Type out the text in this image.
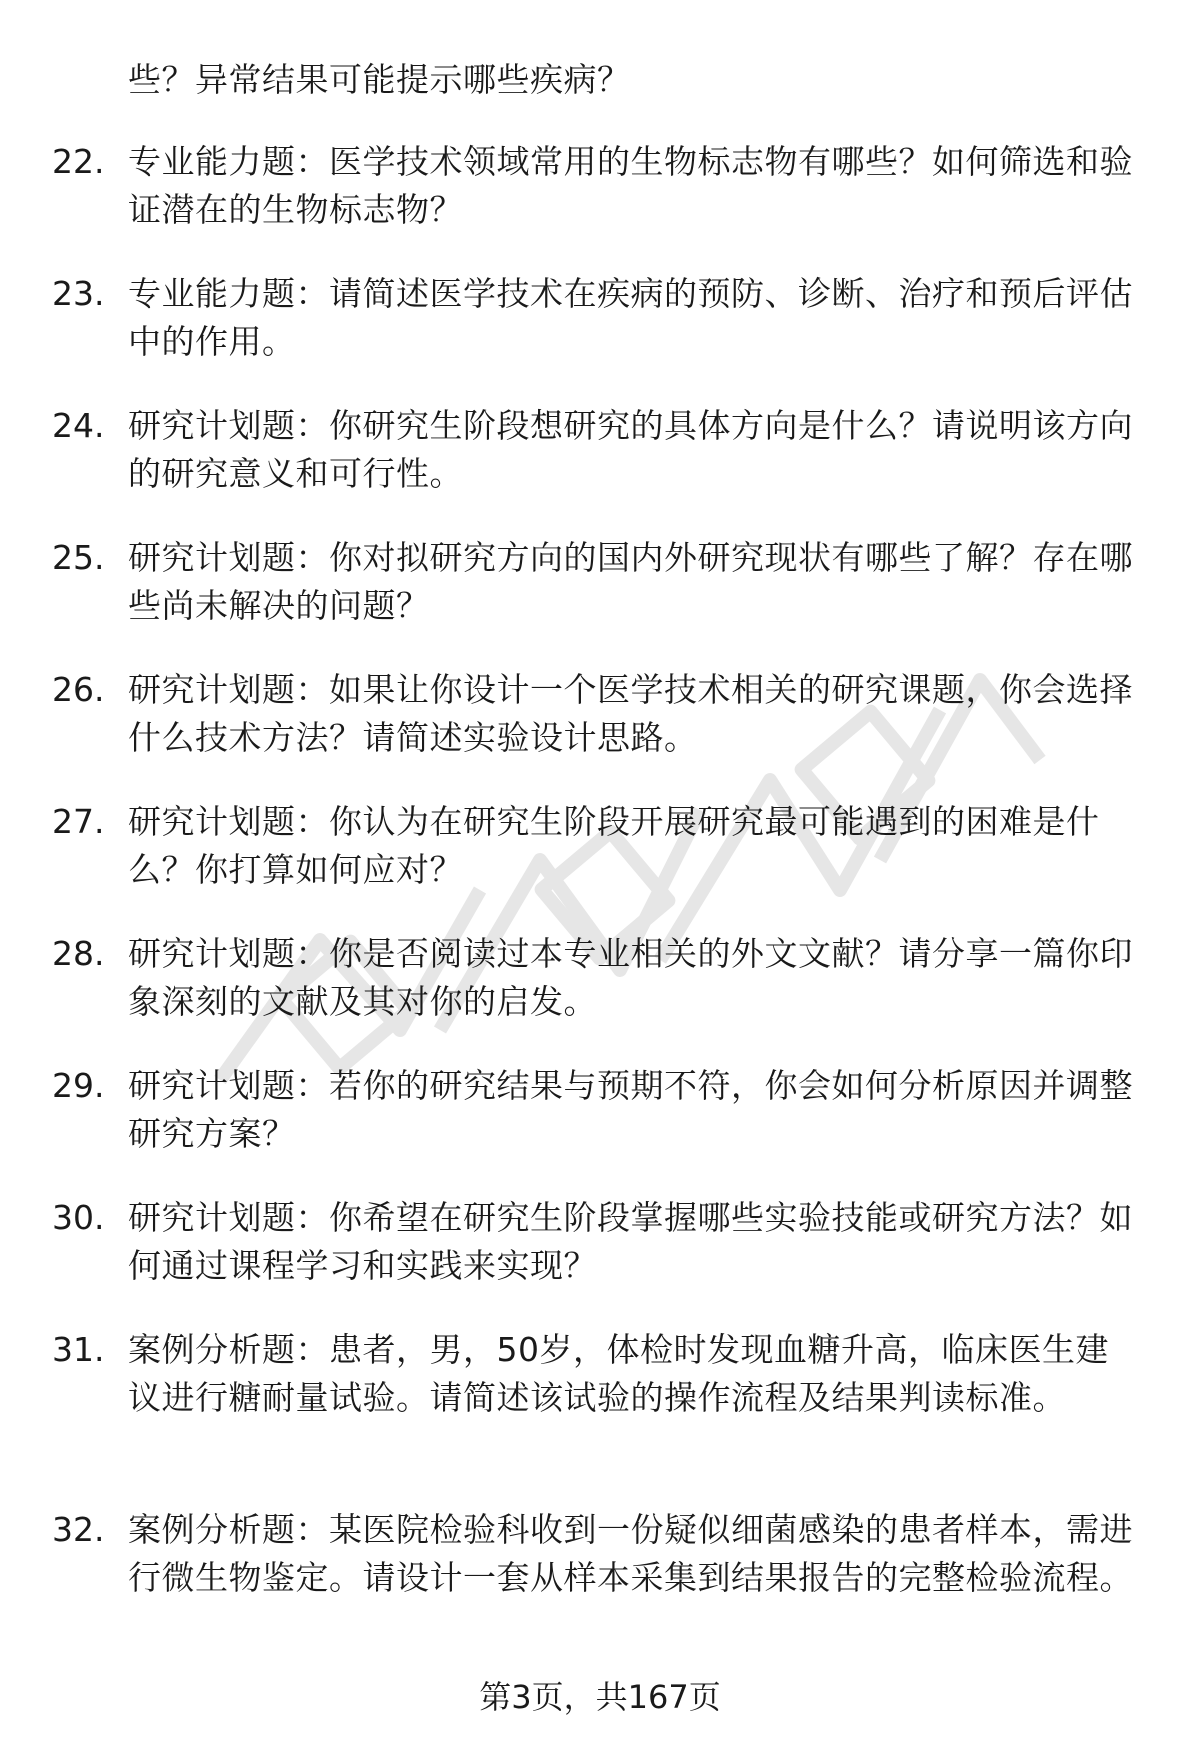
些？异常结果可能提示哪些疾病？
22. 专业能力题：医学技术领域常用的生物标志物有哪些？如何筛选和验证潜在的生物标志物？
23. 专业能力题：请简述医学技术在疾病的预防、诊断、治疗和预后评估中的作用。
24. 研究计划题：你研究生阶段想研究的具体方向是什么？请说明该方向的研究意义和可行性。
25. 研究计划题：你对拟研究方向的国内外研究现状有哪些了解？存在哪些尚未解决的问题？
26. 研究计划题：如果让你设计一个医学技术相关的研究课题，你会选择什么技术方法？请简述实验设计思路。
27. 研究计划题：你认为在研究生阶段开展研究最可能遇到的困难是什么？你打算如何应对？
28. 研究计划题：你是否阅读过本专业相关的外文文献？请分享一篇你印象深刻的文献及其对你的启发。
29. 研究计划题：若你的研究结果与预期不符，你会如何分析原因并调整研究方案？
30. 研究计划题：你希望在研究生阶段掌握哪些实验技能或研究方法？如何通过课程学习和实践来实现？
31. 案例分析题：患者，男，50岁，体检时发现血糖升高，临床医生建议进行糖耐量试验。请简述该试验的操作流程及结果判读标准。
32. 案例分析题：某医院检验科收到一份疑似细菌感染的患者样本，需进行微生物鉴定。请设计一套从样本采集到结果报告的完整检验流程。
第3页，共167页
